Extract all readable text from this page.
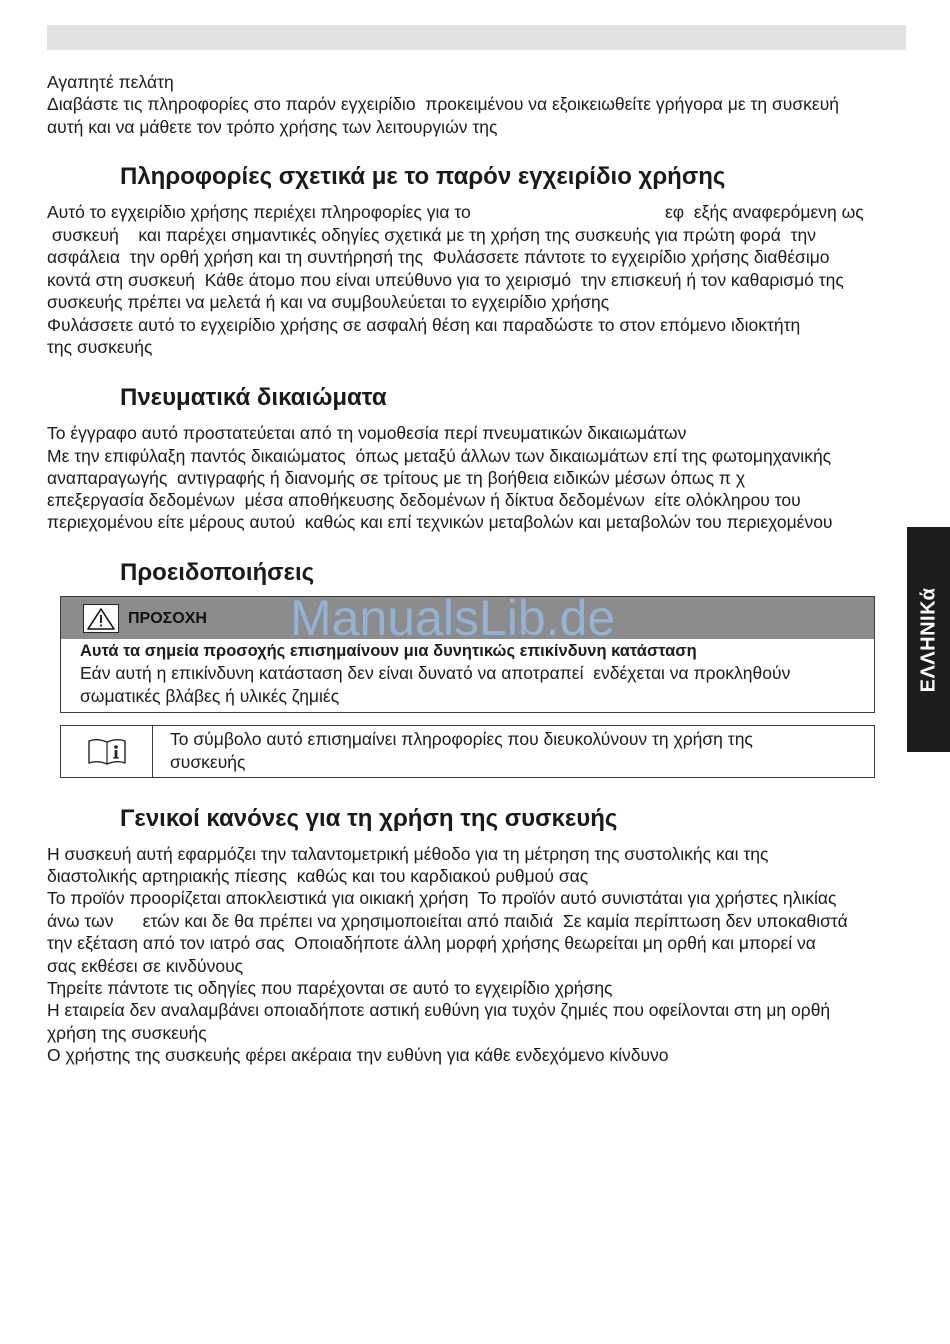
Αγαπητέ πελάτη
Διαβάστε τις πληροφορίες στο παρόν εγχειρίδιο  προκειμένου να εξοικειωθείτε γρήγορα με τη συσκευή
αυτή και να μάθετε τον τρόπο χρήσης των λειτουργιών της
Πληροφορίες σχετικά με το παρόν εγχειρίδιο χρήσης
Αυτό το εγχειρίδιο χρήσης περιέχει πληροφορίες για το	εφ  εξής αναφερόμενη ως
συσκευή    και παρέχει σημαντικές οδηγίες σχετικά με τη χρήση της συσκευής για πρώτη φορά  την
ασφάλεια  την ορθή χρήση και τη συντήρησή της  Φυλάσσετε πάντοτε το εγχειρίδιο χρήσης διαθέσιμο
κοντά στη συσκευή  Κάθε άτομο που είναι υπεύθυνο για το χειρισμό  την επισκευή ή τον καθαρισμό της
συσκευής πρέπει να μελετά ή και να συμβουλεύεται το εγχειρίδιο χρήσης
Φυλάσσετε αυτό το εγχειρίδιο χρήσης σε ασφαλή θέση και παραδώστε το στον επόμενο ιδιοκτήτη
της συσκευής
Πνευματικά δικαιώματα
Το έγγραφο αυτό προστατεύεται από τη νομοθεσία περί πνευματικών δικαιωμάτων
Με την επιφύλαξη παντός δικαιώματος  όπως μεταξύ άλλων των δικαιωμάτων επί της φωτομηχανικής
αναπαραγωγής  αντιγραφής ή διανομής σε τρίτους με τη βοήθεια ειδικών μέσων όπως π χ
επεξεργασία δεδομένων  μέσα αποθήκευσης δεδομένων ή δίκτυα δεδομένων  είτε ολόκληρου του
περιεχομένου είτε μέρους αυτού  καθώς και επί τεχνικών μεταβολών και μεταβολών του περιεχομένου
Προειδοποιήσεις
ΠΡΟΣΟΧΗ
Αυτά τα σημεία προσοχής επισημαίνουν μια δυνητικώς επικίνδυνη κατάσταση
Εάν αυτή η επικίνδυνη κατάσταση δεν είναι δυνατό να αποτραπεί  ενδέχεται να προκληθούν
σωματικές βλάβες ή υλικές ζημιές
Το σύμβολο αυτό επισημαίνει πληροφορίες που διευκολύνουν τη χρήση της
συσκευής
ManualsLib.de
Γενικοί κανόνες για τη χρήση της συσκευής
Η συσκευή αυτή εφαρμόζει την ταλαντομετρική μέθοδο για τη μέτρηση της συστολικής και της
διαστολικής αρτηριακής πίεσης  καθώς και του καρδιακού ρυθμού σας
Το προϊόν προορίζεται αποκλειστικά για οικιακή χρήση  Το προϊόν αυτό συνιστάται για χρήστες ηλικίας
άνω των      ετών και δε θα πρέπει να χρησιμοποιείται από παιδιά  Σε καμία περίπτωση δεν υποκαθιστά
την εξέταση από τον ιατρό σας  Οποιαδήποτε άλλη μορφή χρήσης θεωρείται μη ορθή και μπορεί να
σας εκθέσει σε κινδύνους
Τηρείτε πάντοτε τις οδηγίες που παρέχονται σε αυτό το εγχειρίδιο χρήσης
Η εταιρεία δεν αναλαμβάνει οποιαδήποτε αστική ευθύνη για τυχόν ζημιές που οφείλονται στη μη ορθή
χρήση της συσκευής
Ο χρήστης της συσκευής φέρει ακέραια την ευθύνη για κάθε ενδεχόμενο κίνδυνο
ΕΛΛΗΝΙΚά
